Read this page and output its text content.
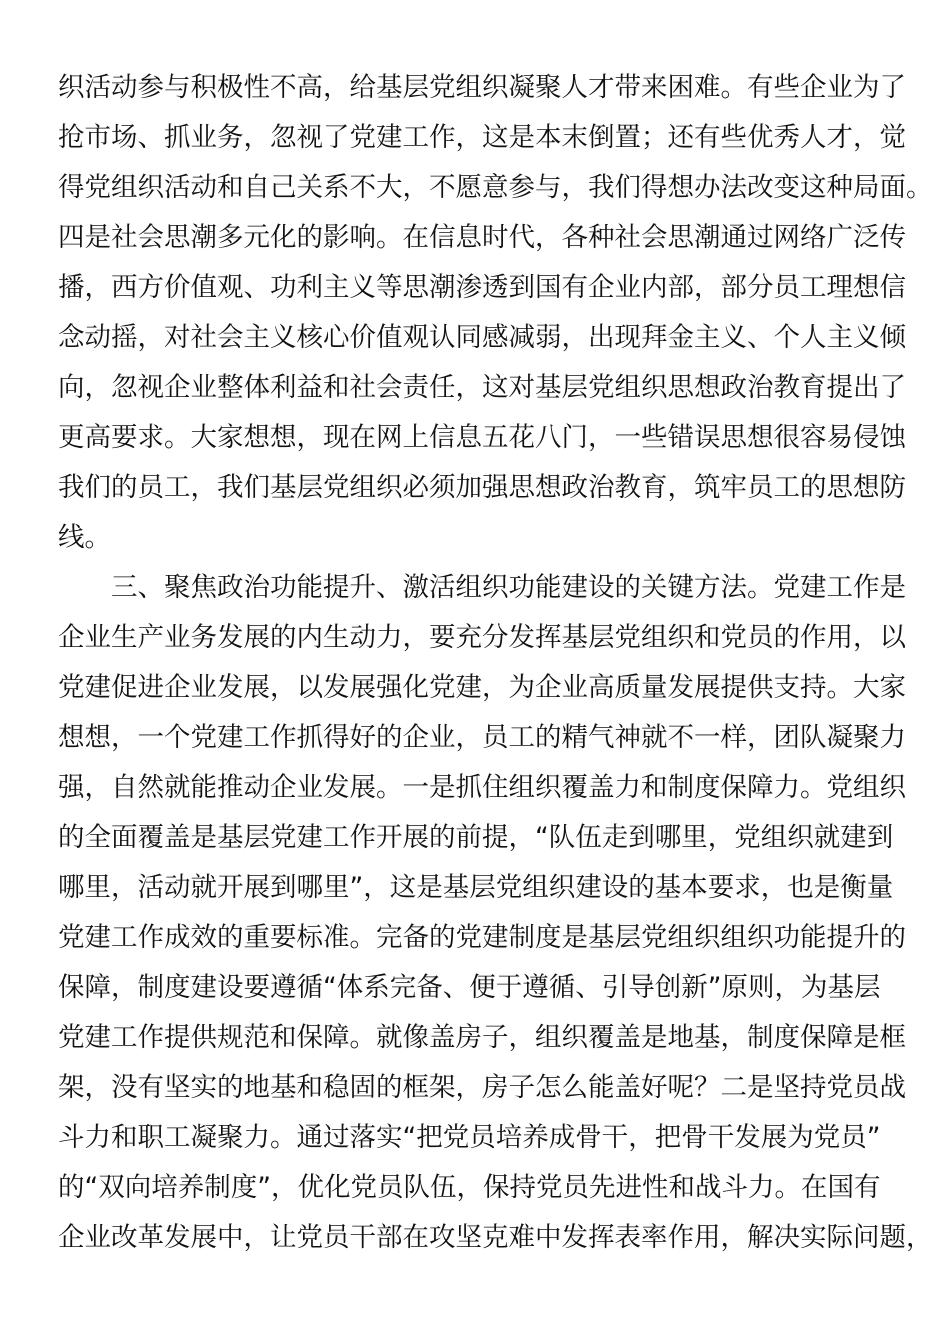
织活动参与积极性不高，给基层党组织凝聚人才带来困难。有些企业为了
抢市场、抓业务，忽视了党建工作，这是本末倒置；还有些优秀人才，觉
得党组织活动和自己关系不大，不愿意参与，我们得想办法改变这种局面。
四是社会思潮多元化的影响。在信息时代，各种社会思潮通过网络广泛传
播，西方价值观、功利主义等思潮渗透到国有企业内部，部分员工理想信
念动摇，对社会主义核心价值观认同感减弱，出现拜金主义、个人主义倾
向，忽视企业整体利益和社会责任，这对基层党组织思想政治教育提出了
更高要求。大家想想，现在网上信息五花八门，一些错误思想很容易侵蚀
我们的员工，我们基层党组织必须加强思想政治教育，筑牢员工的思想防
线。
三、聚焦政治功能提升、激活组织功能建设的关键方法。党建工作是
企业生产业务发展的内生动力，要充分发挥基层党组织和党员的作用，以
党建促进企业发展，以发展强化党建，为企业高质量发展提供支持。大家
想想，一个党建工作抓得好的企业，员工的精气神就不一样，团队凝聚力
强，自然就能推动企业发展。一是抓住组织覆盖力和制度保障力。党组织
的全面覆盖是基层党建工作开展的前提，“队伍走到哪里，党组织就建到
哪里，活动就开展到哪里”，这是基层党组织建设的基本要求，也是衡量
党建工作成效的重要标准。完备的党建制度是基层党组织组织功能提升的
保障，制度建设要遵循“体系完备、便于遵循、引导创新”原则，为基层
党建工作提供规范和保障。就像盖房子，组织覆盖是地基，制度保障是框
架，没有坚实的地基和稳固的框架，房子怎么能盖好呢？二是坚持党员战
斗力和职工凝聚力。通过落实“把党员培养成骨干，把骨干发展为党员”
的“双向培养制度”，优化党员队伍，保持党员先进性和战斗力。在国有
企业改革发展中，让党员干部在攻坚克难中发挥表率作用，解决实际问题，
